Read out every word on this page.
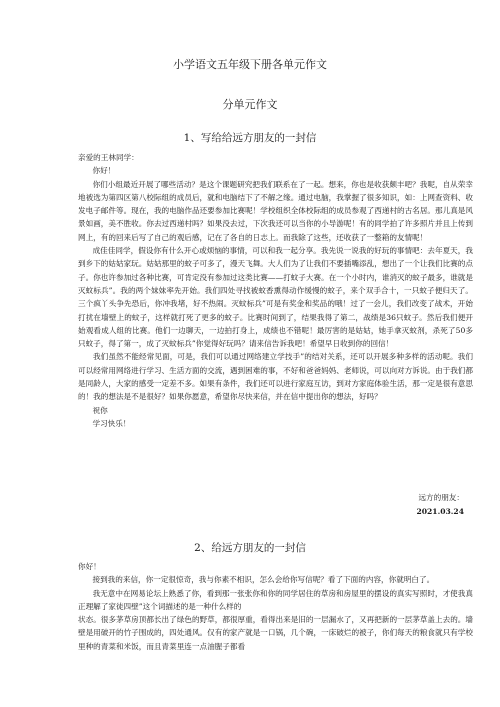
小学语文五年级下册各单元作文
分单元作文
1、写给给远方朋友的一封信
亲爱的王林同学：
你好！
你们小组最近开展了哪些活动？是这个课题研究把我们联系在了一起。想来，你也是收获颇丰吧？我呢，自从荣幸地被选为第四区第八校际组的成员后，就和电脑结下了不解之缘。通过电脑，我掌握了很多知识，如：上网查资料、收发电子邮件等。现在，我的电脑作品还要参加比赛呢！学校组织全体校际组的成员参观了西递村的古名居。那儿真是风景如画，美不胜收。你去过西递村吗？如果没去过，下次我还可以当你的小导游呢！有的同学拍了许多照片并且上传到网上，有的回来后写了自己的观后感，记在了各自的日志上。而我除了这些，还收获了一整箱的友情呢！
成佳佳同学，假设你有什么开心或烦恼的事情，可以和我一起分享。我先说一说我的好玩的事情吧：去年夏天，我到乡下的姑姑家玩。姑姑那里的蚊子可多了，漫天飞舞。大人们为了让我们不要插嘴添乱，想出了一个让我们比赛的点子。你也许参加过各种比赛，可肯定没有参加过这类比赛——打蚊子大赛。在一个小时内，谁消灭的蚊子最多，谁就是灭蚊标兵”。我的两个妹妹率先开始。我们四处寻找被蚊香熏得动作缓慢的蚊子，来个双手合十，一只蚊子便归天了。三个疯丫头争先恐后，你冲我堵，好不热闹。灭蚊标兵”可是有奖金和奖品的哦！过了一会儿，我们改变了战术，开始打扰在墙壁上的蚊子，这样就打死了更多的蚊子。比赛时间到了，结果我得了第二，战绩是36只蚊子。然后我们便开始观看成人组的比赛。他们一边聊天，一边拍打身上，成绩也不错呢！最厉害的是姑姑，她手拿灭蚊剂，杀死了50多只蚊子，得了第一，成了灭蚊标兵”你觉得好玩吗？请来信告诉我吧！希望早日收到你的回信！
我们虽然不能经常见面，可是，我们可以通过网络建立学技手”的结对关系，还可以开展多种多样的活动呢。我们可以经常用网络进行学习、生活方面的交流，遇到困难的事，不好和爸爸妈妈、老师说，可以向对方诉说。由于我们都是同龄人，大家的感受一定差不多。如果有条件，我们还可以进行家庭互访，到对方家庭体验生活，那一定是很有意思的！我的想法是不是很好？如果你愿意，希望你尽快来信，并在信中提出你的想法，好吗？
祝你
学习快乐！
远方的朋友：
2021.03.24
2、给远方朋友的一封信
你好！
接到我的来信，你一定很惊奇，我与你素不相识，怎么会给你写信呢？看了下面的内容，你就明白了。
我无意中在网易论坛上熟悉了你，看到那一张张你和你的同学居住的草房和房屋里的摆设的真实写照时，才使我真正理解了家徒四壁”这个词描述的是一种什么样的
状态。很多茅草房顶都长出了绿色的野草，都很厚重，看得出来是旧的一层漏水了，又再把新的一层茅草盖上去的。墙壁是用破开的竹子围成的，四处通风。仅有的家产就是一口锅，几个碗，一床破烂的被子，你们每天的粮食就只有学校里种的青菜和米饭，而且青菜里连一点油腥子都看
